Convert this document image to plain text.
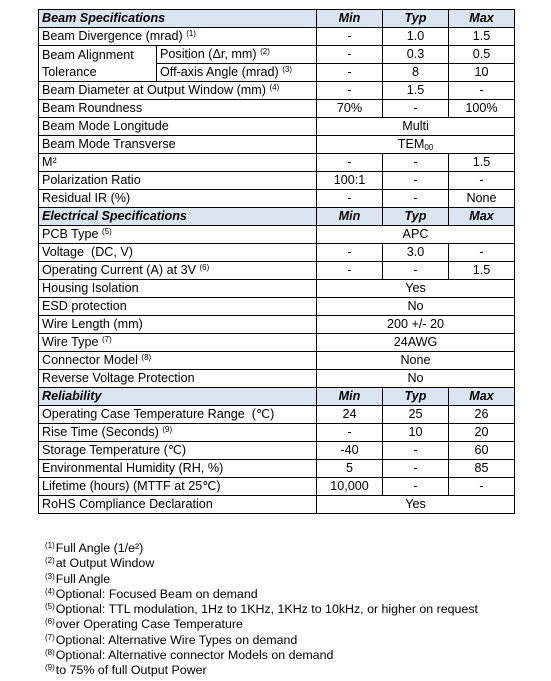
Beam Specifications		Min	Typ	Max
Beam Divergence (mrad) $^{(1)}$		-	1.0	1.5
Beam Alignment Tolerance	Position (Δr, mm) $^{(2)}$	-	0.3	0.5
	Off-axis Angle (mrad) $^{(3)}$	-	8	10
Beam Diameter at Output Window (mm) $^{(4)}$		-	1.5	-
Beam Roundness		70%	-	100%
Beam Mode Longitude		Multi		
Beam Mode Transverse		$TEM_{00}$
M²		-	-	1.5
Polarization Ratio		100:1	-	-
Residual IR (%)		-	-	None
Electrical Specifications		Min	Typ	Max
PCB Type $^{(5)}$		APC		
Voltage  (DC, V)		-	3.0	-
Operating Current (A) at 3V $^{(6)}$		-	-	1.5
Housing Isolation		Yes		
ESD protection		No		
Wire Length (mm)		200 +/- 20		
Wire Type $^{(7)}$		24AWG		
Connector Model $^{(8)}$		None		
Reverse Voltage Protection		No		
Reliability		Min	Typ	Max
Operating Case Temperature Range  (℃)		24	25	26
Rise Time (Seconds) $^{(9)}$		-	10	20
Storage Temperature (℃)		-40	-	60
Environmental Humidity (RH, %)		5	-	85
Lifetime (hours) (MTTF at 25℃)		10,000	-	-
RoHS Compliance Declaration		Yes		
$^{(1)}$Full Angle (1/e²)
$^{(2)}$at Output Window
$^{(3)}$Full Angle
$^{(4)}$Optional: Focused Beam on demand
$^{(5)}$Optional: TTL modulation, 1Hz to 1KHz, 1KHz to 10kHz, or higher on request
$^{(6)}$over Operating Case Temperature
$^{(7)}$Optional: Alternative Wire Types on demand
$^{(8)}$Optional: Alternative connector Models on demand
$^{(9)}$to 75% of full Output Power
